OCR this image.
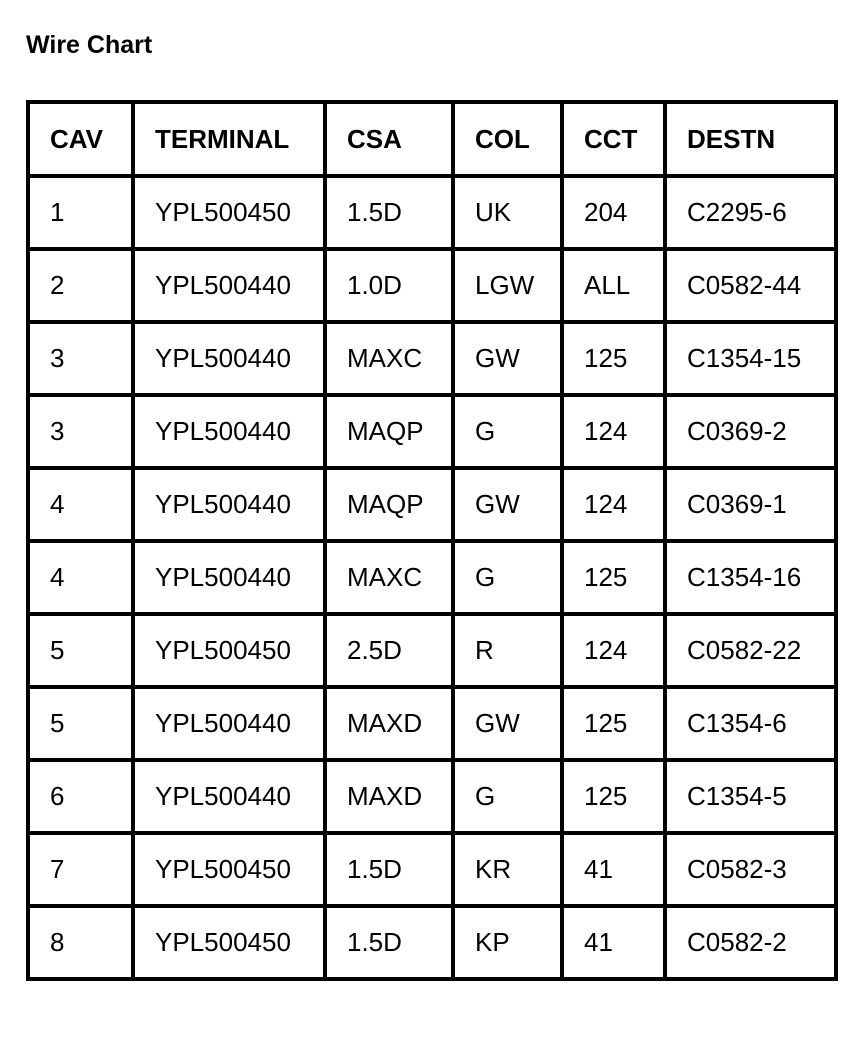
Wire Chart
CAV	TERMINAL	CSA	COL	CCT	DESTN
1	YPL500450	1.5D	UK	204	C2295-6
2	YPL500440	1.0D	LGW	ALL	C0582-44
3	YPL500440	MAXC	GW	125	C1354-15
3	YPL500440	MAQP	G	124	C0369-2
4	YPL500440	MAQP	GW	124	C0369-1
4	YPL500440	MAXC	G	125	C1354-16
5	YPL500450	2.5D	R	124	C0582-22
5	YPL500440	MAXD	GW	125	C1354-6
6	YPL500440	MAXD	G	125	C1354-5
7	YPL500450	1.5D	KR	41	C0582-3
8	YPL500450	1.5D	KP	41	C0582-2
